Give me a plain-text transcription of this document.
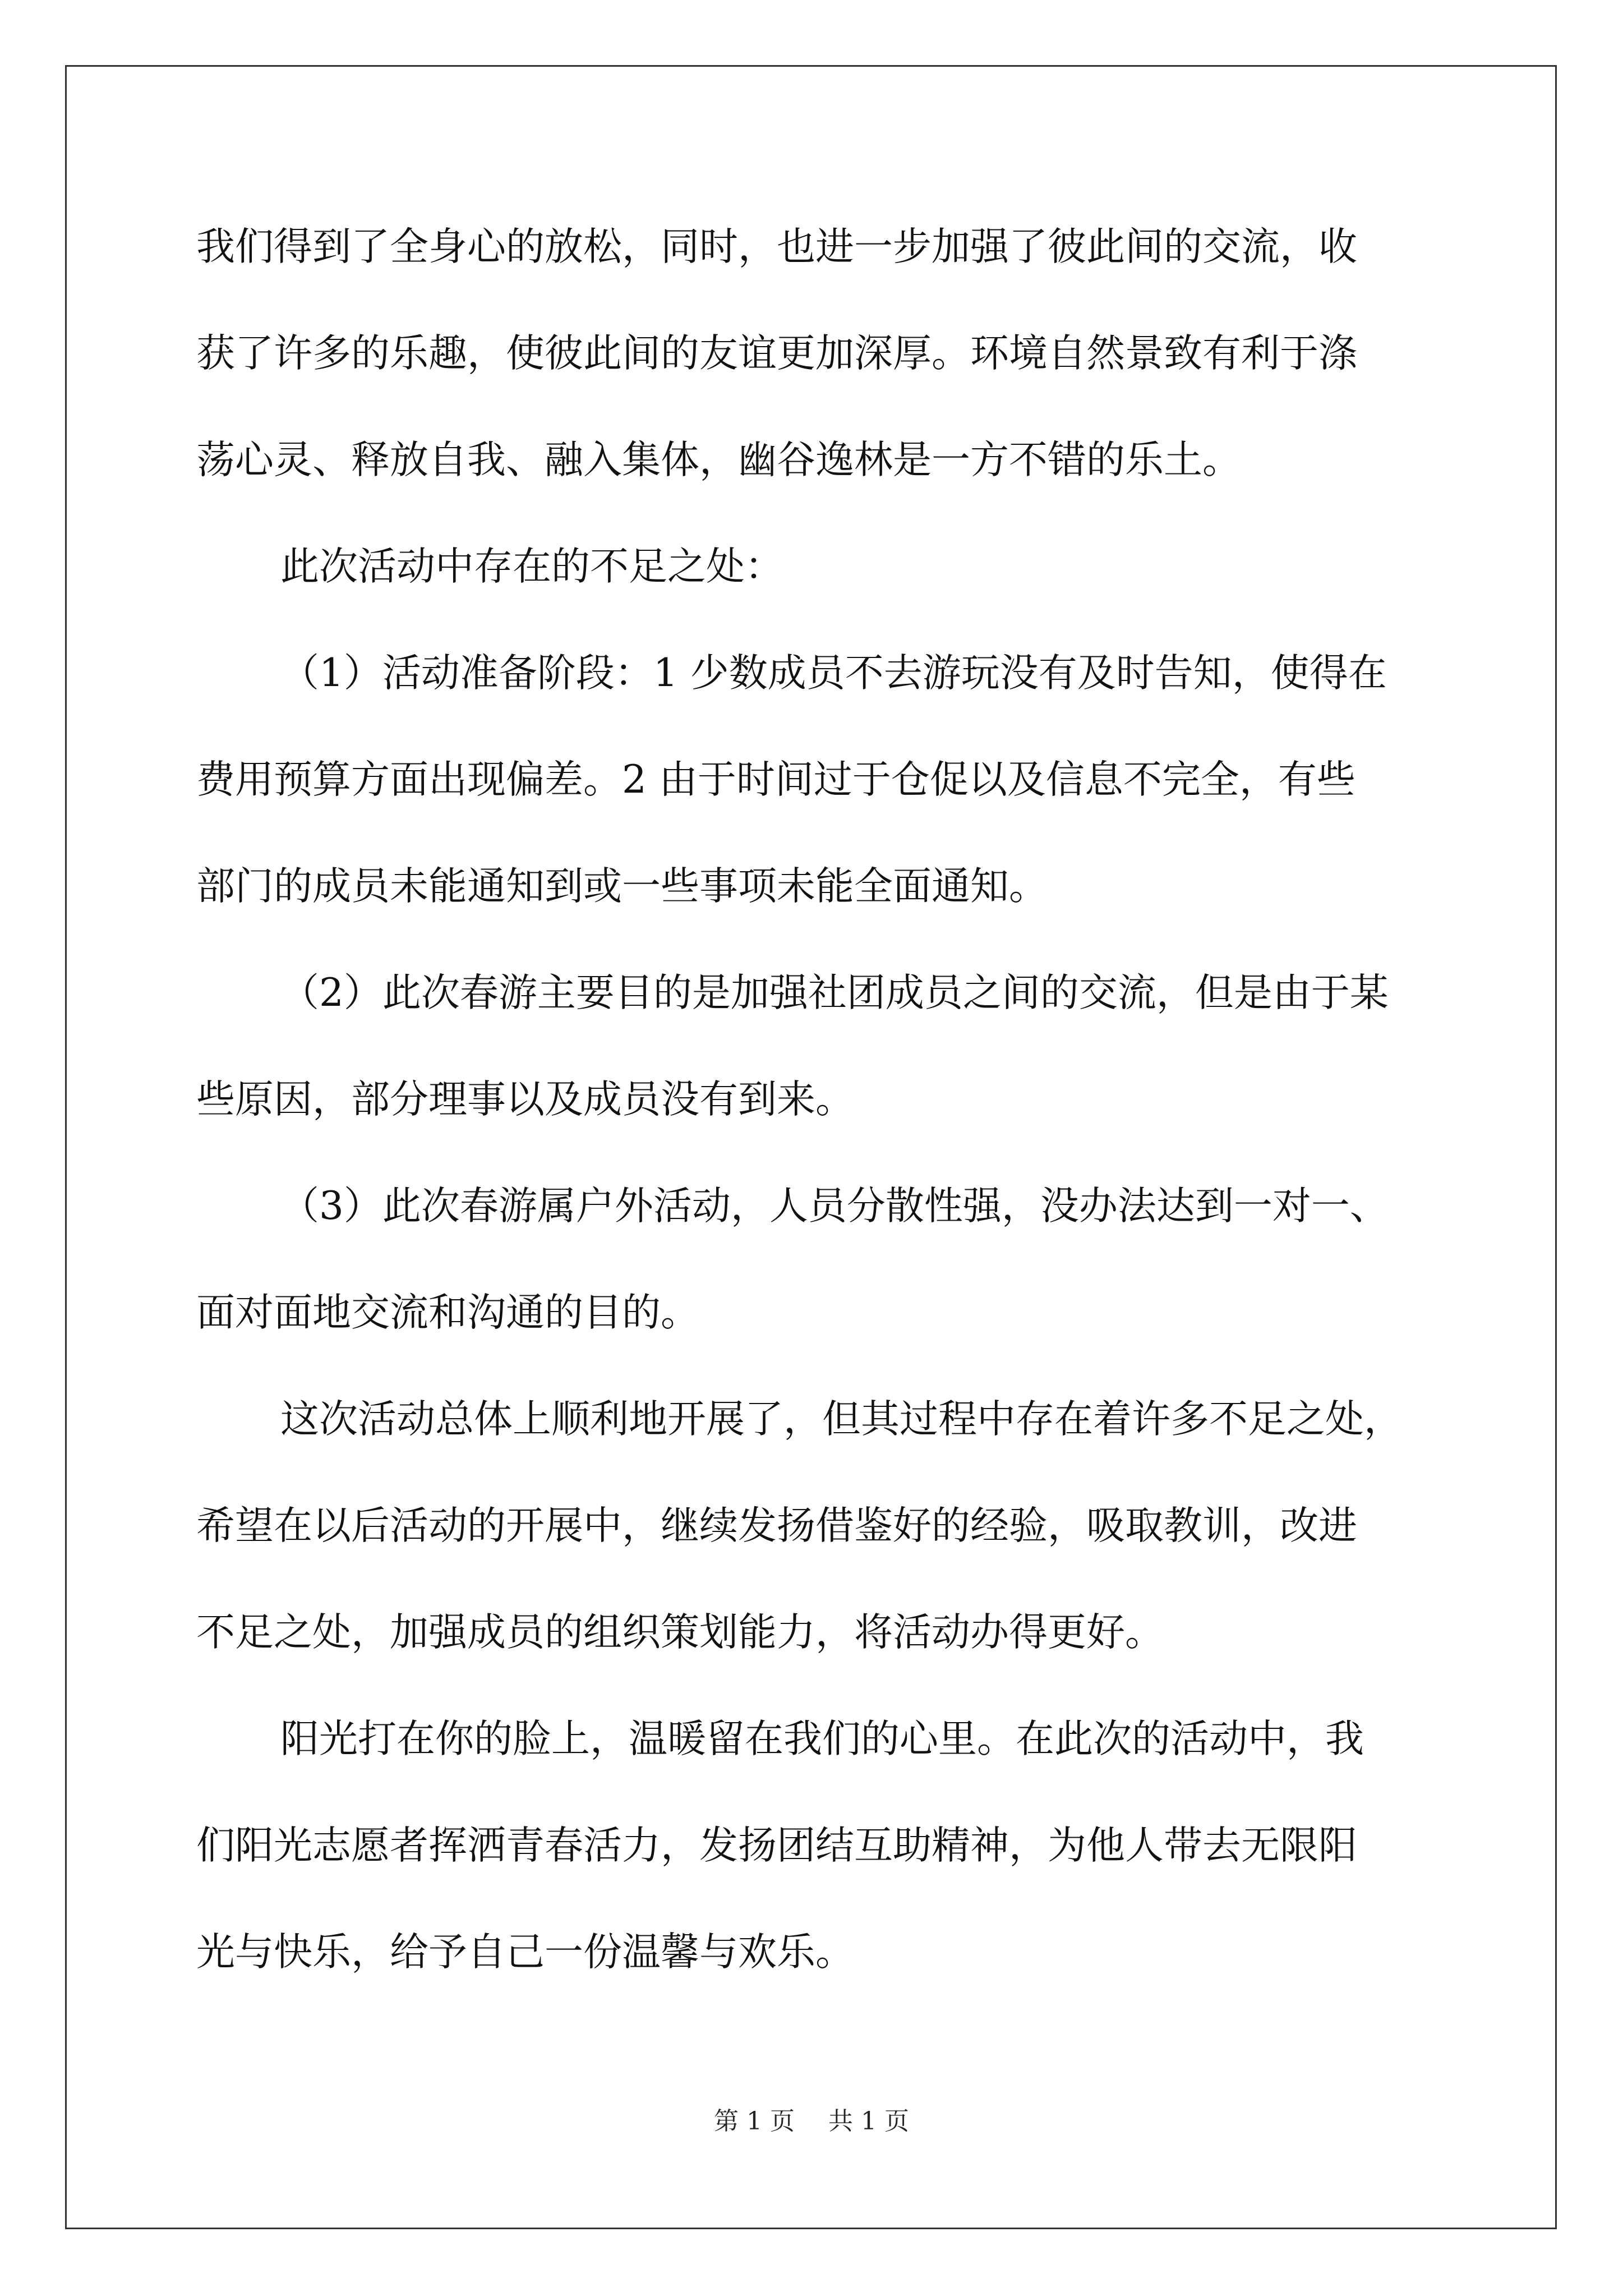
我们得到了全身心的放松，同时，也进一步加强了彼此间的交流，收
获了许多的乐趣，使彼此间的友谊更加深厚。环境自然景致有利于涤
荡心灵、释放自我、融入集体，幽谷逸林是一方不错的乐土。
此次活动中存在的不足之处：
（1）活动准备阶段：1 少数成员不去游玩没有及时告知，使得在
费用预算方面出现偏差。2 由于时间过于仓促以及信息不完全，有些
部门的成员未能通知到或一些事项未能全面通知。
（2）此次春游主要目的是加强社团成员之间的交流，但是由于某
些原因，部分理事以及成员没有到来。
（3）此次春游属户外活动，人员分散性强，没办法达到一对一、
面对面地交流和沟通的目的。
这次活动总体上顺利地开展了，但其过程中存在着许多不足之处，
希望在以后活动的开展中，继续发扬借鉴好的经验，吸取教训，改进
不足之处，加强成员的组织策划能力，将活动办得更好。
阳光打在你的脸上，温暖留在我们的心里。在此次的活动中，我
们阳光志愿者挥洒青春活力，发扬团结互助精神，为他人带去无限阳
光与快乐，给予自己一份温馨与欢乐。
第 1 页 共 1 页
